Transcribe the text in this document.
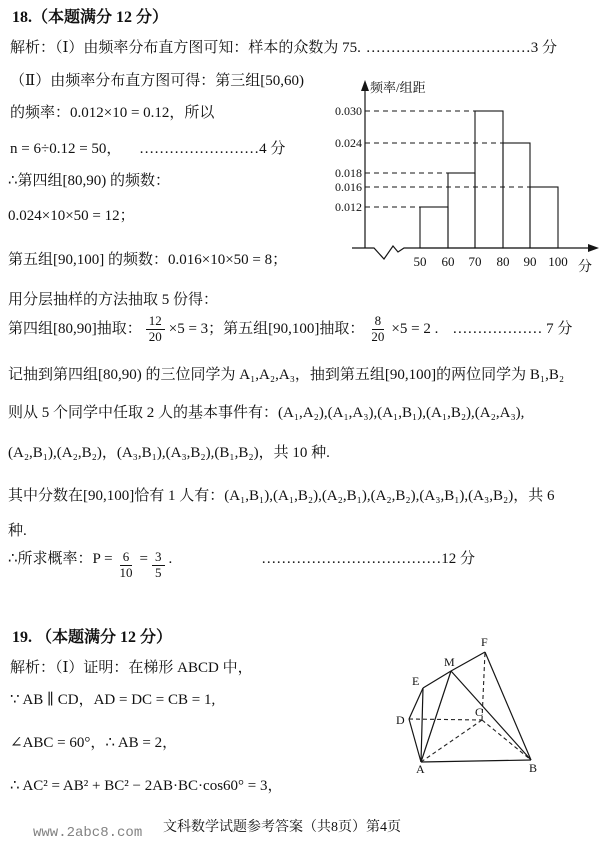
18.（本题满分 12 分）
解析：（Ⅰ）由频率分布直方图可知：样本的众数为 75. ……………………………3 分
（Ⅱ）由频率分布直方图可得：第三组[50,60)
的频率：0.012×10 = 0.12，所以
n = 6÷0.12 = 50， ……………………4 分
∴第四组[80,90) 的频数：
0.024×10×50 = 12；
第五组[90,100] 的频数：0.016×10×50 = 8；
用分层抽样的方法抽取 5 份得：
第四组[80,90]抽取： $\frac{12}{20} \times 5 = 3$；第五组[90,100]抽取： $\frac{8}{20} \times 5 = 2$ . ……………… 7 分
记抽到第四组[80,90) 的三位同学为 A₁,A₂,A₃，抽到第五组[90,100]的两位同学为 B₁,B₂
则从 5 个同学中任取 2 人的基本事件有：(A₁,A₂),(A₁,A₃),(A₁,B₁),(A₁,B₂),(A₂,A₃),
(A₂,B₁),(A₂,B₂)，(A₃,B₁),(A₃,B₂),(B₁,B₂)，共 10 种.
其中分数在[90,100]恰有 1 人有：(A₁,B₁),(A₁,B₂),(A₂,B₁),(A₂,B₂),(A₃,B₁),(A₃,B₂)，共 6
种.
∴所求概率：$P = \frac{6}{10} = \frac{3}{5}$ .	………………………………12 分
频率/组距
0.030
0.024
0.018
0.016
0.012
50 60 70 80 90 100 分
19. （本题满分 12 分）
解析：（Ⅰ）证明：在梯形 ABCD 中，
∵ AB ∥ CD，AD = DC = CB = 1,
∠ABC = 60°，∴ AB = 2，
∴ AC² = AB² + BC² − 2AB·BC·cos60° = 3，
A	B
C
D
E
M
F
文科数学试题参考答案（共8页）第4页
www.2abc8.com
